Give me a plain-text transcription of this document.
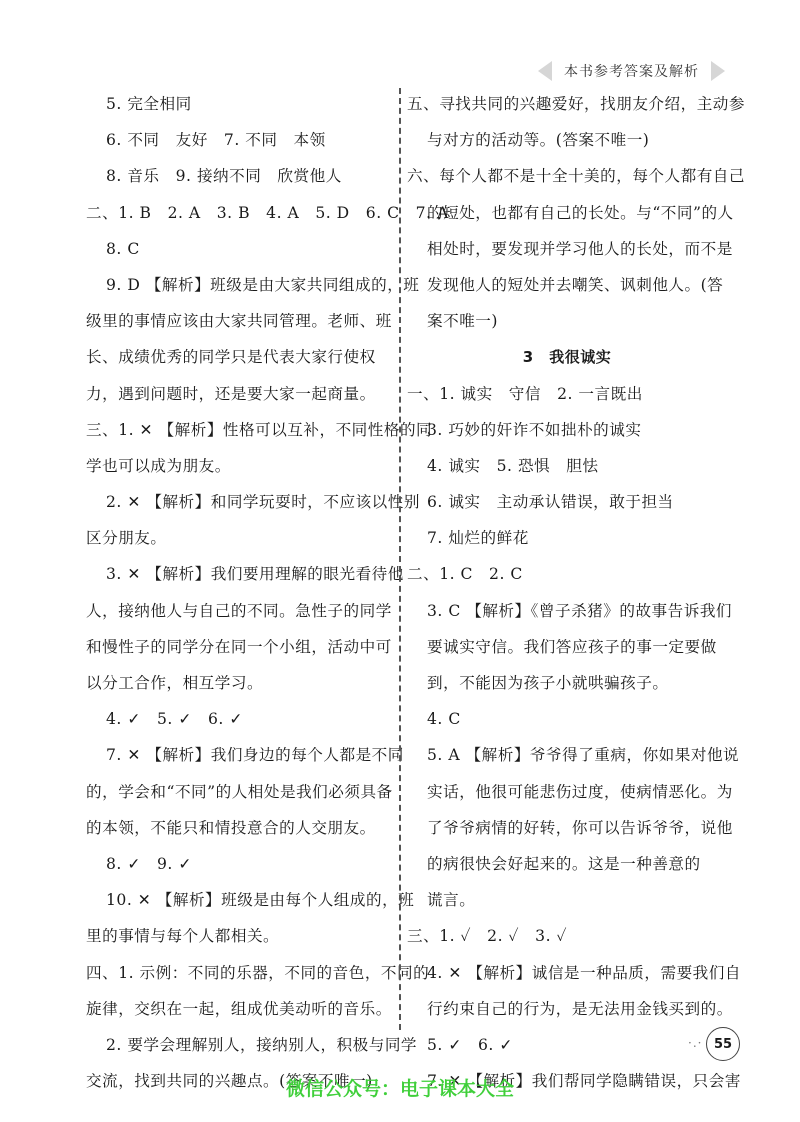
本书参考答案及解析
5. 完全相同
6. 不同　友好　7. 不同　本领
8. 音乐　9. 接纳不同　欣赏他人
二、1. B　2. A　3. B　4. A　5. D　6. C　7. A
8. C
9. D 【解析】班级是由大家共同组成的，班
级里的事情应该由大家共同管理。老师、班
长、成绩优秀的同学只是代表大家行使权
力，遇到问题时，还是要大家一起商量。
三、1. ✕ 【解析】性格可以互补，不同性格的同
学也可以成为朋友。
2. ✕ 【解析】和同学玩耍时，不应该以性别
区分朋友。
3. ✕ 【解析】我们要用理解的眼光看待他
人，接纳他人与自己的不同。急性子的同学
和慢性子的同学分在同一个小组，活动中可
以分工合作，相互学习。
4. ✓　5. ✓　6. ✓
7. ✕ 【解析】我们身边的每个人都是不同
的，学会和“不同”的人相处是我们必须具备
的本领，不能只和情投意合的人交朋友。
8. ✓　9. ✓
10. ✕ 【解析】班级是由每个人组成的，班
里的事情与每个人都相关。
四、1. 示例：不同的乐器，不同的音色，不同的
旋律，交织在一起，组成优美动听的音乐。
2. 要学会理解别人，接纳别人，积极与同学
交流，找到共同的兴趣点。(答案不唯一)
五、寻找共同的兴趣爱好，找朋友介绍，主动参
与对方的活动等。(答案不唯一)
六、每个人都不是十全十美的，每个人都有自己
的短处，也都有自己的长处。与“不同”的人
相处时，要发现并学习他人的长处，而不是
发现他人的短处并去嘲笑、讽刺他人。(答
案不唯一)
3　我很诚实
一、1. 诚实　守信　2. 一言既出
3. 巧妙的奸诈不如拙朴的诚实
4. 诚实　5. 恐惧　胆怯
6. 诚实　主动承认错误，敢于担当
7. 灿烂的鲜花
二、1. C　2. C
3. C 【解析】《曾子杀猪》的故事告诉我们
要诚实守信。我们答应孩子的事一定要做
到，不能因为孩子小就哄骗孩子。
4. C
5. A 【解析】爷爷得了重病，你如果对他说
实话，他很可能悲伤过度，使病情恶化。为
了爷爷病情的好转，你可以告诉爷爷，说他
的病很快会好起来的。这是一种善意的
谎言。
三、1. ✓　2. ✓　3. ✓
4. ✕ 【解析】诚信是一种品质，需要我们自
行约束自己的行为，是无法用金钱买到的。
5. ✓　6. ✓
7. ✕ 【解析】我们帮同学隐瞒错误，只会害
·.· 55
微信公众号：电子课本大全
